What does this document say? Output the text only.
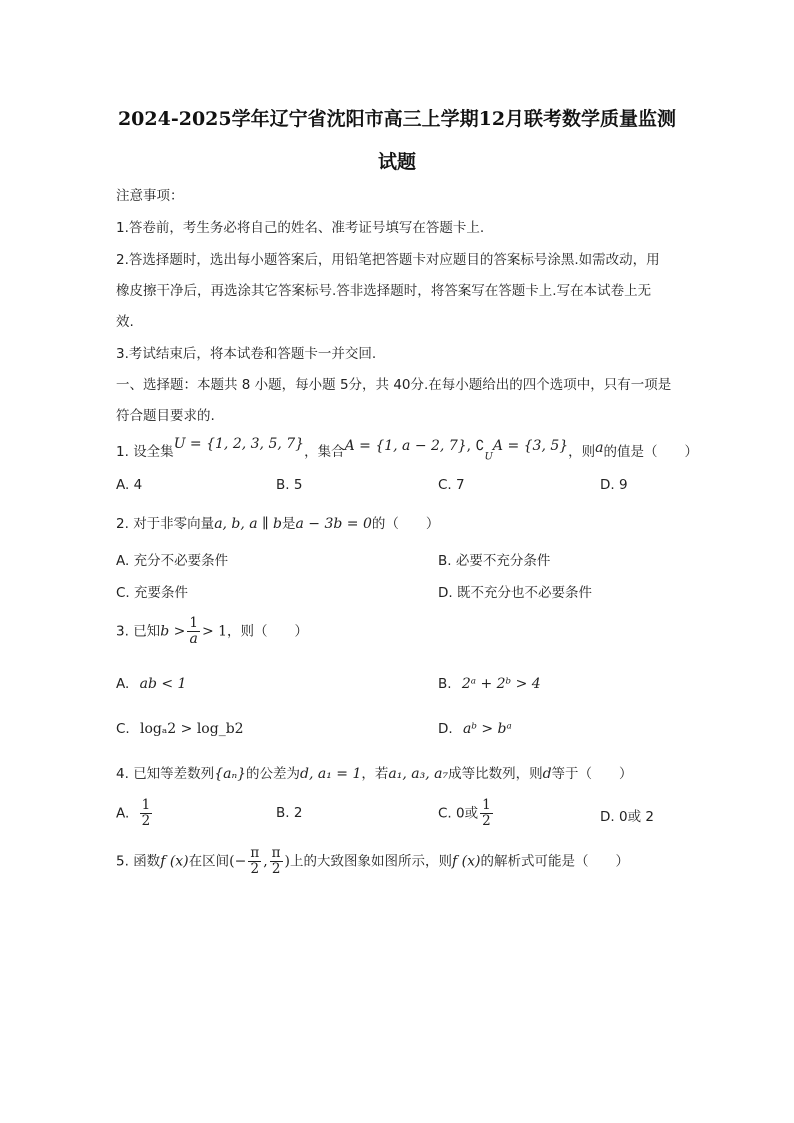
2024-2025学年辽宁省沈阳市高三上学期12月联考数学质量监测
试题
注意事项：
1.答卷前，考生务必将自己的姓名、准考证号填写在答题卡上.
2.答选择题时，选出每小题答案后，用铅笔把答题卡对应题目的答案标号涂黑.如需改动，用
橡皮擦干净后，再选涂其它答案标号.答非选择题时，将答案写在答题卡上.写在本试卷上无
效.
3.考试结束后，将本试卷和答题卡一并交回.
一、选择题：本题共 8 小题，每小题 5分，共 40分.在每小题给出的四个选项中，只有一项是
符合题目要求的.
1. 设全集U = {1, 2, 3, 5, 7}，集合A = {1, a − 2, 7}, $∁_UA = \{3$, 5}，则a的值是（　　）
A. 4	B. 5	C. 7	D. 9
2. 对于非零向量a, b, a ∥ b是a − 3b = 0的（　　）
A. 充分不必要条件	B. 必要不充分条件
C. 充要条件	D. 既不充分也不必要条件
3. 已知$b > \frac{1}{a} > 1$，则（　　）
A. ab < 1	B. 2ᵃ + 2ᵇ > 4
C. logₐ2 > log_b2	D. aᵇ > bᵃ
4. 已知等差数列{aₙ}的公差为d, a₁ = 1，若a₁, a₃, a₇成等比数列，则d等于（　　）
A. $\frac{1}{2}$	B. 2	C. 0或 $\frac{1}{2}$	D. 0或 2
5. 函数f (x)在区间(− $\frac{\pi}{2}$ , $\frac{\pi}{2}$ )上的大致图象如图所示，则f (x)的解析式可能是（　　）
